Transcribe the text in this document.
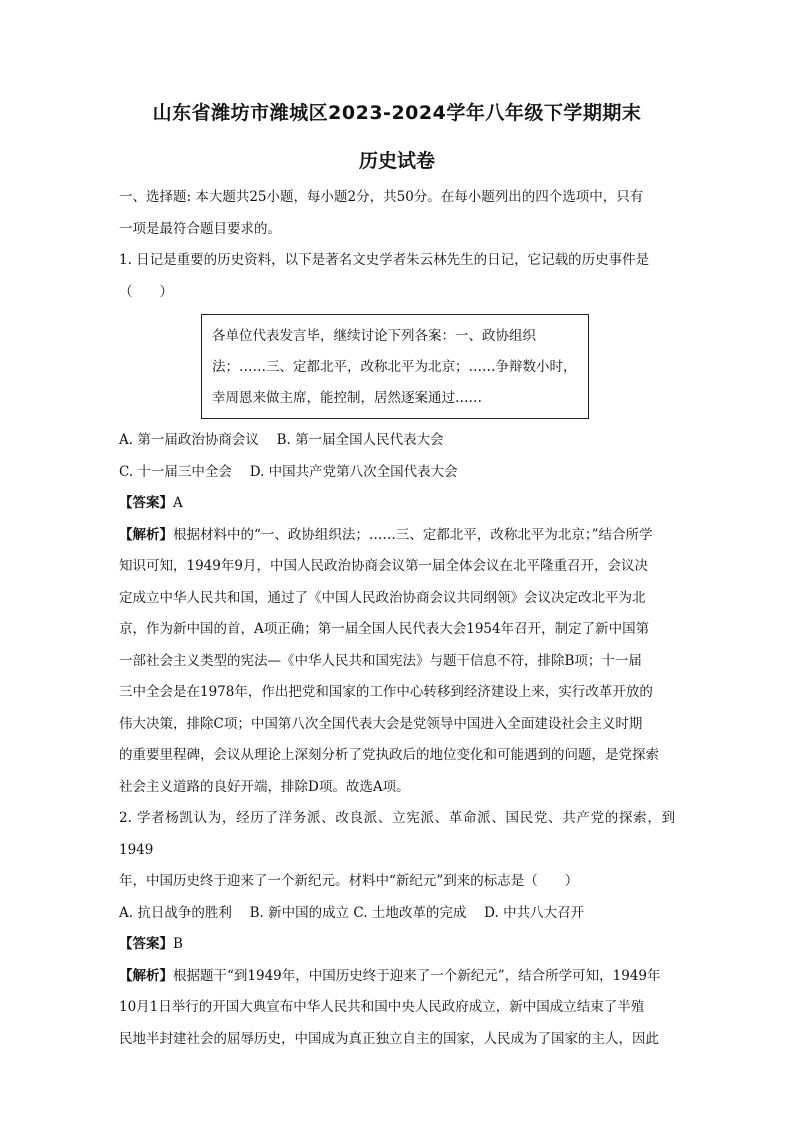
山东省潍坊市潍城区2023-2024学年八年级下学期期末
历史试卷

一、选择题: 本大题共25小题，每小题2分，共50分。在每小题列出的四个选项中，只有

一项是最符合题目要求的。

1. 日记是重要的历史资料，以下是著名文史学者朱云林先生的日记，它记载的历史事件是

（　　）

各单位代表发言毕，继续讨论下列各案：一、政协组织

法；……三、定都北平，改称北平为北京；……争辩数小时，

幸周恩来做主席，能控制，居然逐案通过……

A. 第一届政治协商会议　 B. 第一届全国人民代表大会
C. 十一届三中全会　 D. 中国共产党第八次全国代表大会

【答案】A

【解析】根据材料中的“一、政协组织法；……三、定都北平，改称北平为北京；”结合所学

知识可知，1949年9月，中国人民政治协商会议第一届全体会议在北平隆重召开，会议决

定成立中华人民共和国，通过了《中国人民政治协商会议共同纲领》会议决定改北平为北

京，作为新中国的首，A项正确；第一届全国人民代表大会1954年召开，制定了新中国第

一部社会主义类型的宪法—《中华人民共和国宪法》与题干信息不符，排除B项；十一届

三中全会是在1978年，作出把党和国家的工作中心转移到经济建设上来，实行改革开放的

伟大决策，排除C项；中国第八次全国代表大会是党领导中国进入全面建设社会主义时期

的重要里程碑，会议从理论上深刻分析了党执政后的地位变化和可能遇到的问题，是党探索

社会主义道路的良好开端，排除D项。故选A项。

2. 学者杨凯认为，经历了洋务派、改良派、立宪派、革命派、国民党、共产党的探索，到1949

年，中国历史终于迎来了一个新纪元。材料中“新纪元”到来的标志是（　　）

A. 抗日战争的胜利　 B. 新中国的成立 C. 土地改革的完成　 D. 中共八大召开

【答案】B

【解析】根据题干“到1949年，中国历史终于迎来了一个新纪元”，结合所学可知，1949年

10月1日举行的开国大典宣布中华人民共和国中央人民政府成立，新中国成立结束了半殖

民地半封建社会的屈辱历史，中国成为真正独立自主的国家，人民成为了国家的主人，因此
